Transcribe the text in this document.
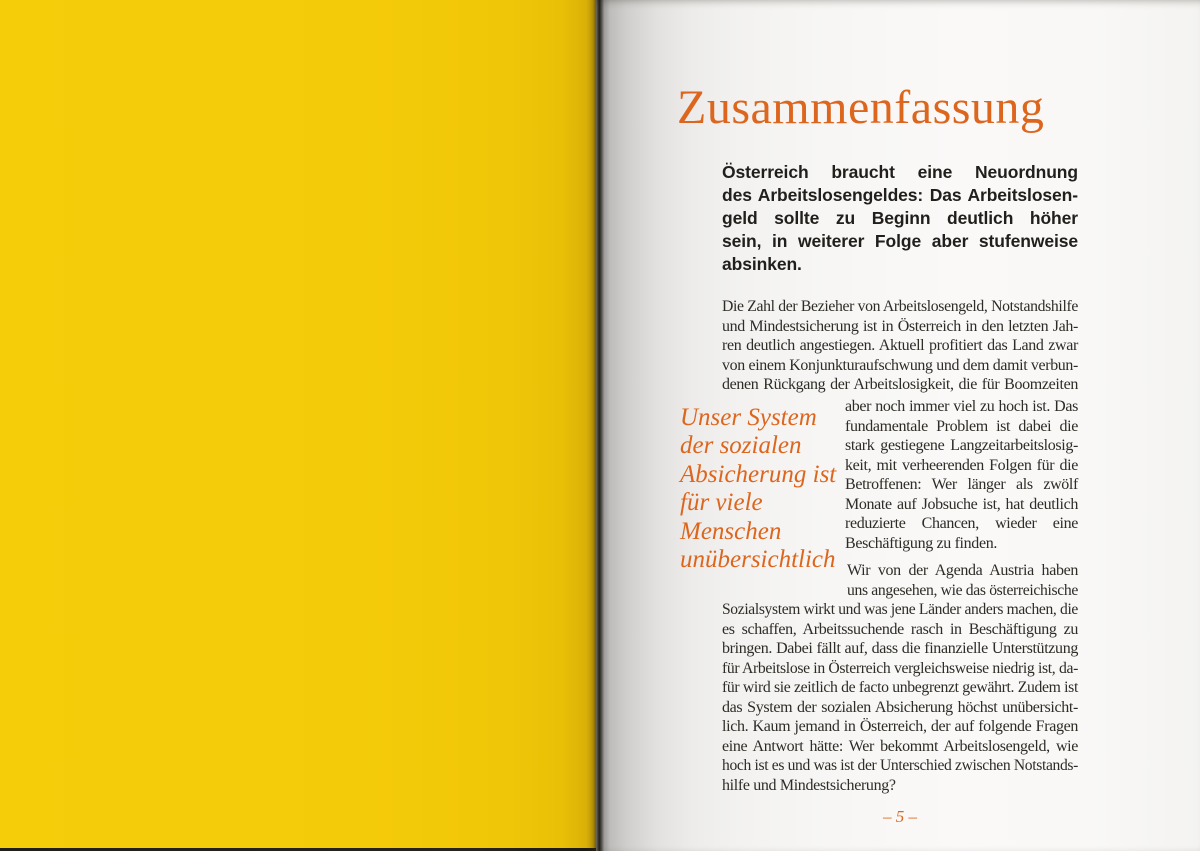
Zusammenfassung
Österreich braucht eine Neuordnung
des Arbeitslosengeldes: Das Arbeitslosen-
geld sollte zu Beginn deutlich höher
sein, in weiterer Folge aber stufenweise
absinken.
Die Zahl der Bezieher von Arbeitslosengeld, Notstandshilfe
und Mindestsicherung ist in Österreich in den letzten Jah-
ren deutlich angestiegen. Aktuell profitiert das Land zwar
von einem Konjunkturaufschwung und dem damit verbun-
denen Rückgang der Arbeitslosigkeit, die für Boomzeiten
aber noch immer viel zu hoch ist. Das
fundamentale Problem ist dabei die
stark gestiegene Langzeitarbeitslosig-
keit, mit verheerenden Folgen für die
Betroffenen: Wer länger als zwölf
Monate auf Jobsuche ist, hat deutlich
reduzierte Chancen, wieder eine
Beschäftigung zu finden.
Unser System
der sozialen
Absicherung ist
für viele
Menschen
unübersichtlich Wir von der Agenda Austria haben
uns angesehen, wie das österreichische
Sozialsystem wirkt und was jene Länder anders machen, die
es schaffen, Arbeitssuchende rasch in Beschäftigung zu
bringen. Dabei fällt auf, dass die finanzielle Unterstützung
für Arbeitslose in Österreich vergleichsweise niedrig ist, da-
für wird sie zeitlich de facto unbegrenzt gewährt. Zudem ist
das System der sozialen Absicherung höchst unübersicht-
lich. Kaum jemand in Österreich, der auf folgende Fragen
eine Antwort hätte: Wer bekommt Arbeitslosengeld, wie
hoch ist es und was ist der Unterschied zwischen Notstands-
hilfe und Mindestsicherung?
– 5 –
